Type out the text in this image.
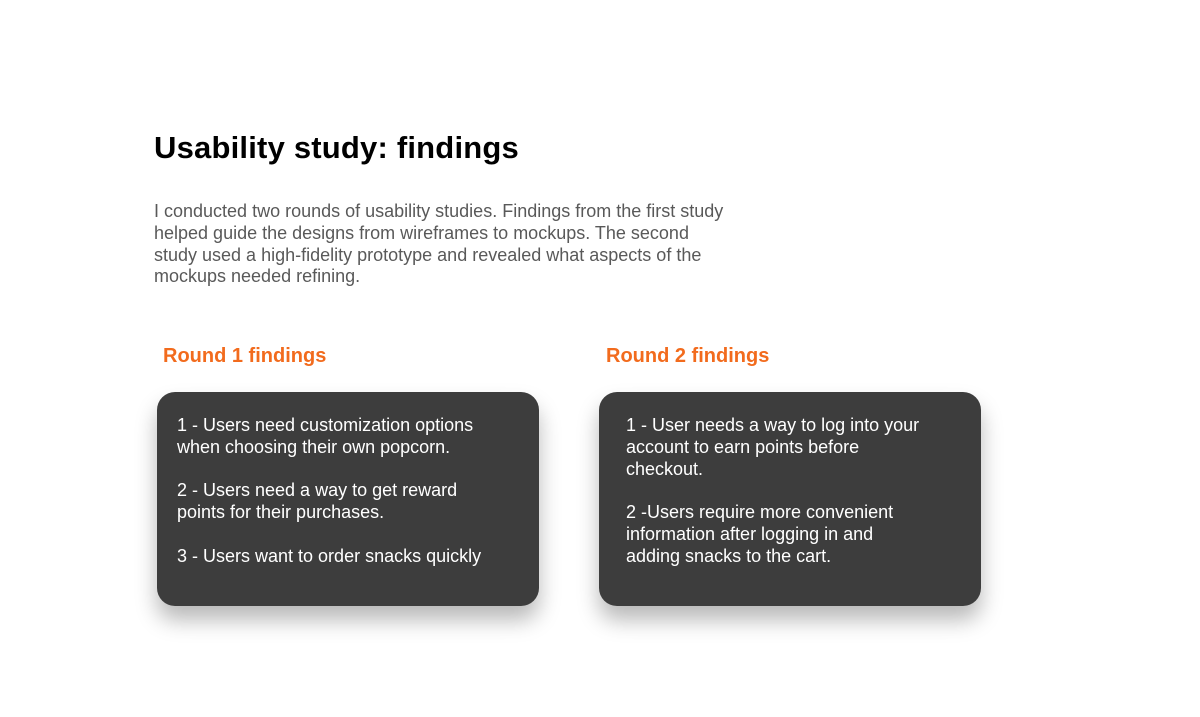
Usability study: findings

I conducted two rounds of usability studies. Findings from the first study
helped guide the designs from wireframes to mockups. The second
study used a high-fidelity prototype and revealed what aspects of the
mockups needed refining.

Round 1 findings	Round 2 findings

1 - Users need customization options
when choosing their own popcorn.

2 - Users need a way to get reward
points for their purchases.

3 - Users want to order snacks quickly

1 - User needs a way to log into your
account to earn points before
checkout.

2 -Users require more convenient
information after logging in and
adding snacks to the cart.
